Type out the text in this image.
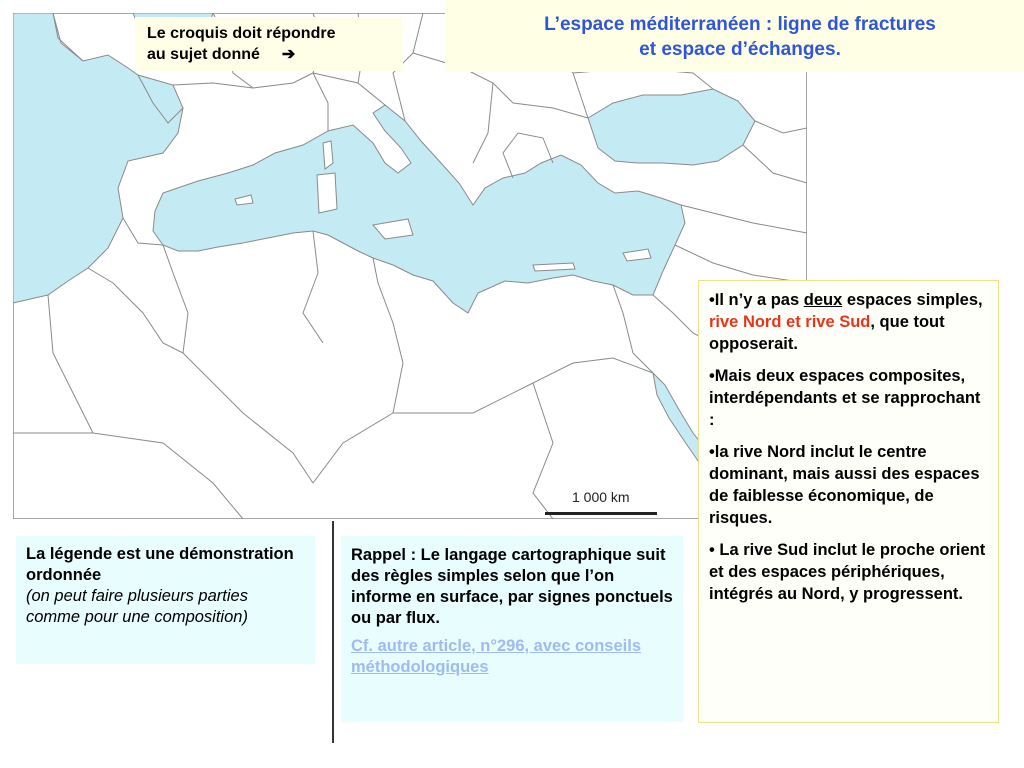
L’espace méditerranéen : ligne de fractures
et espace d’échanges.
Le croquis doit répondre
au sujet donné ➔
1 000 km
La légende est une démonstration ordonnée
(on peut faire plusieurs parties comme pour une composition)
Rappel : Le langage cartographique suit des règles simples selon que l’on informe en surface, par signes ponctuels ou par flux.
Cf. autre article, n°296, avec conseils méthodologiques

•Il n’y a pas deux espaces simples, rive Nord et rive Sud, que tout opposerait.

•Mais deux espaces composites, interdépendants et se rapprochant :

•la rive Nord inclut le centre dominant, mais aussi des espaces de faiblesse économique, de risques.

• La rive Sud inclut le proche orient et des espaces périphériques, intégrés au Nord, y progressent.
